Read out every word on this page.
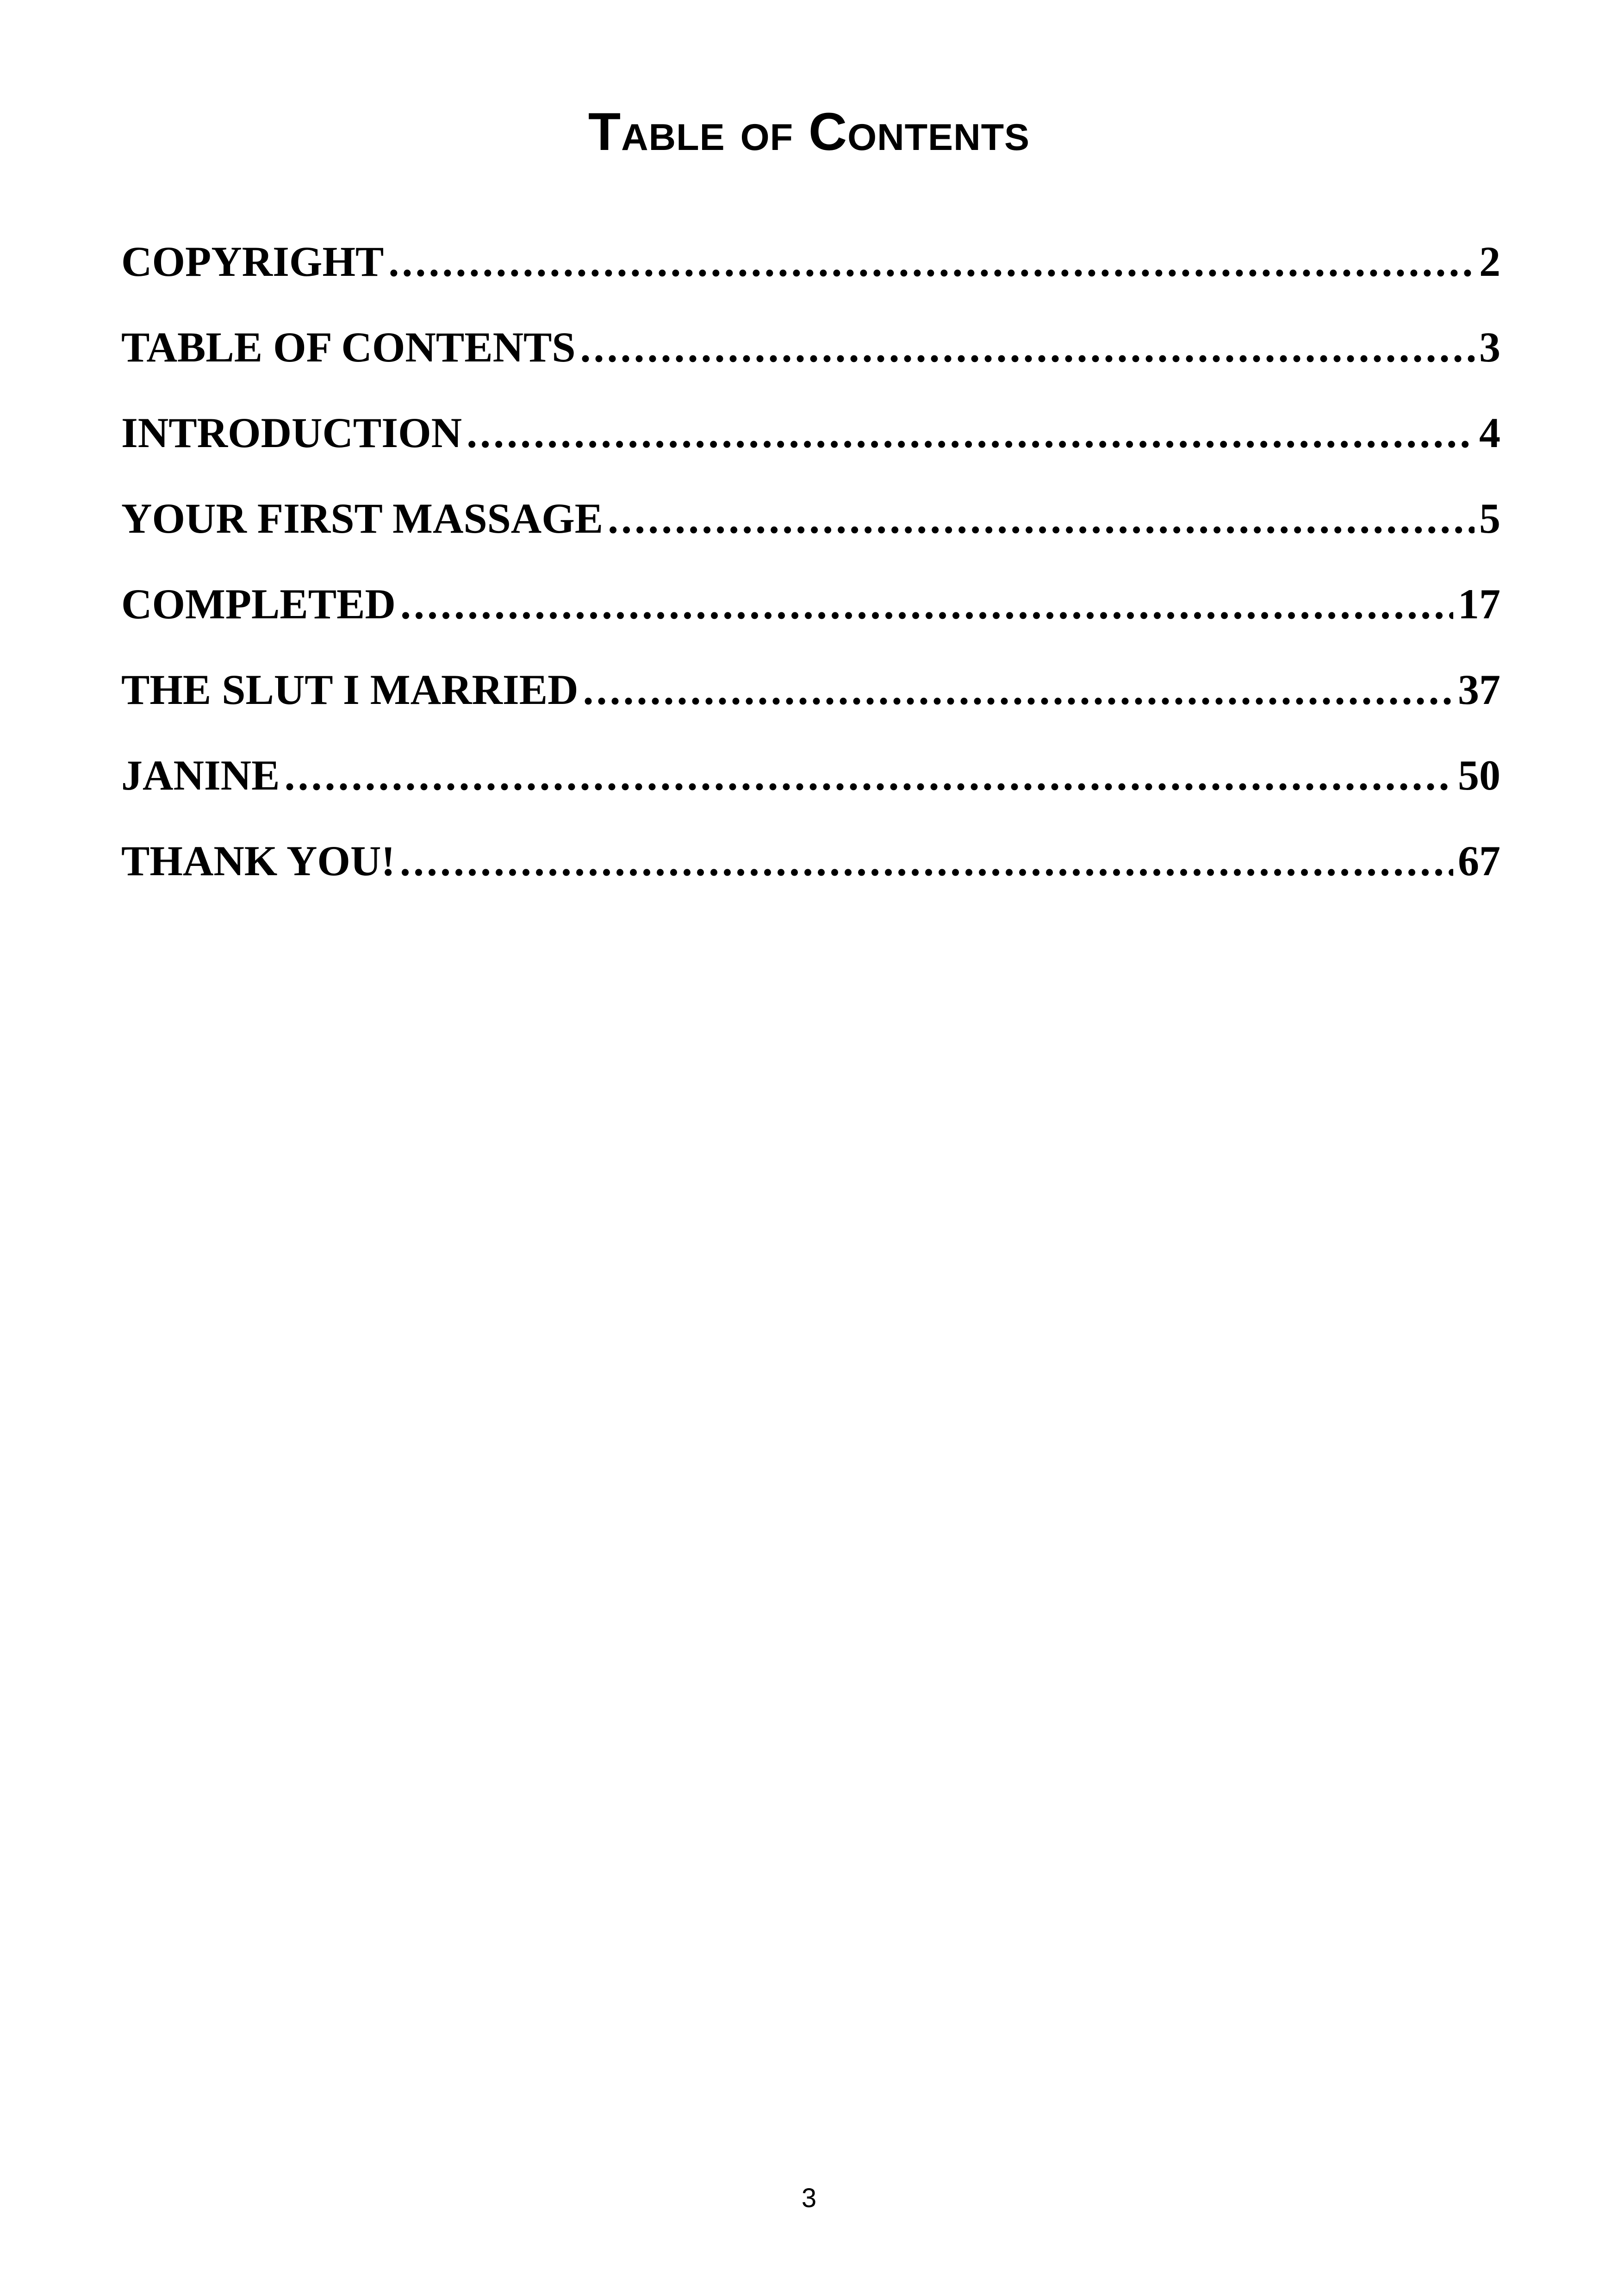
Table of Contents
COPYRIGHT .....	2
TABLE OF CONTENTS .....	3
INTRODUCTION .....	4
YOUR FIRST MASSAGE .....	5
COMPLETED .....	17
THE SLUT I MARRIED .....	37
JANINE .....	50
THANK YOU! .....	67
3
